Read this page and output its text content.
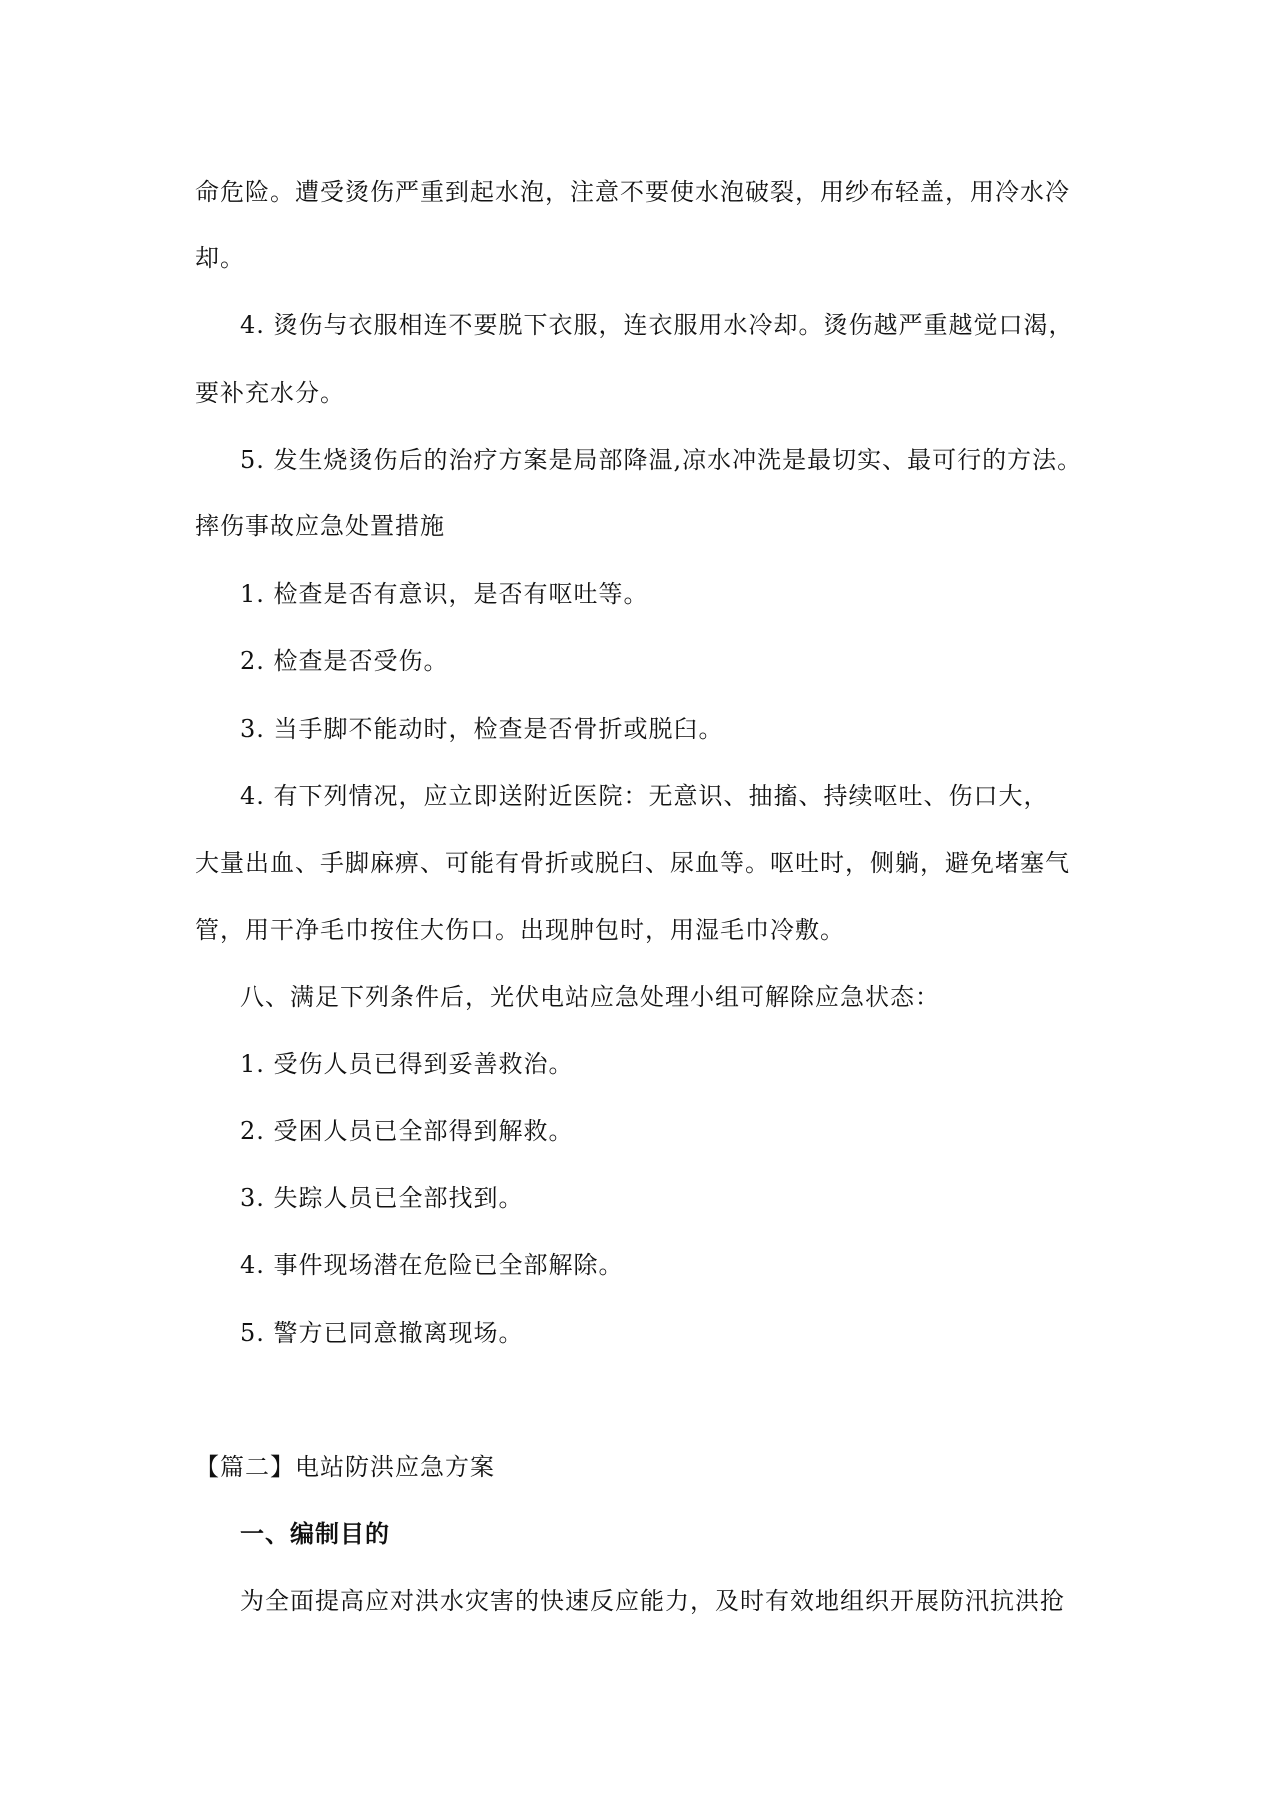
命危险。遭受烫伤严重到起水泡，注意不要使水泡破裂，用纱布轻盖，用冷水冷
却。
4. 烫伤与衣服相连不要脱下衣服，连衣服用水冷却。烫伤越严重越觉口渴，
要补充水分。
5. 发生烧烫伤后的治疗方案是局部降温,凉水冲洗是最切实、最可行的方法。
摔伤事故应急处置措施
1. 检查是否有意识，是否有呕吐等。
2. 检查是否受伤。
3. 当手脚不能动时，检查是否骨折或脱臼。
4. 有下列情况，应立即送附近医院：无意识、抽搐、持续呕吐、伤口大，
大量出血、手脚麻痹、可能有骨折或脱臼、尿血等。呕吐时，侧躺，避免堵塞气
管，用干净毛巾按住大伤口。出现肿包时，用湿毛巾冷敷。
八、满足下列条件后，光伏电站应急处理小组可解除应急状态：
1. 受伤人员已得到妥善救治。
2. 受困人员已全部得到解救。
3. 失踪人员已全部找到。
4. 事件现场潜在危险已全部解除。
5. 警方已同意撤离现场。
【篇二】电站防洪应急方案
一、编制目的
为全面提高应对洪水灾害的快速反应能力，及时有效地组织开展防汛抗洪抢
